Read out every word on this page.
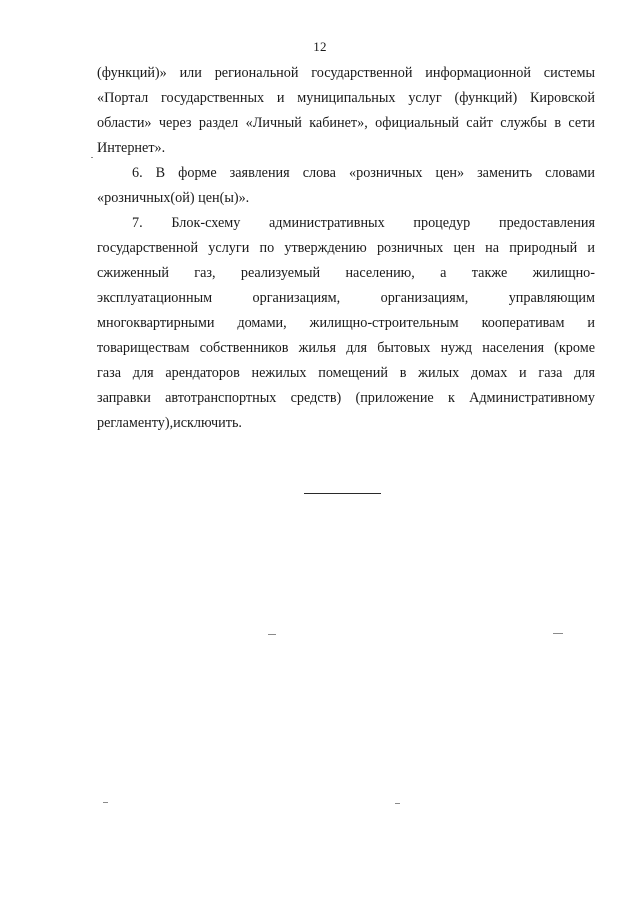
12
(функций)» или региональной государственной информационной системы
«Портал государственных и муниципальных услуг (функций) Кировской
области» через раздел «Личный кабинет», официальный сайт службы в сети
Интернет».
6. В форме заявления слова «розничных цен» заменить словами
«розничных(ой) цен(ы)».
7. Блок-схему административных процедур предоставления
государственной услуги по утверждению розничных цен на природный и
сжиженный газ, реализуемый населению, а также жилищно-
эксплуатационным организациям, организациям, управляющим
многоквартирными домами, жилищно-строительным кооперативам и
товариществам собственников жилья для бытовых нужд населения (кроме
газа для арендаторов нежилых помещений в жилых домах и газа для
заправки автотранспортных средств) (приложение к Административному
регламенту),исключить.
